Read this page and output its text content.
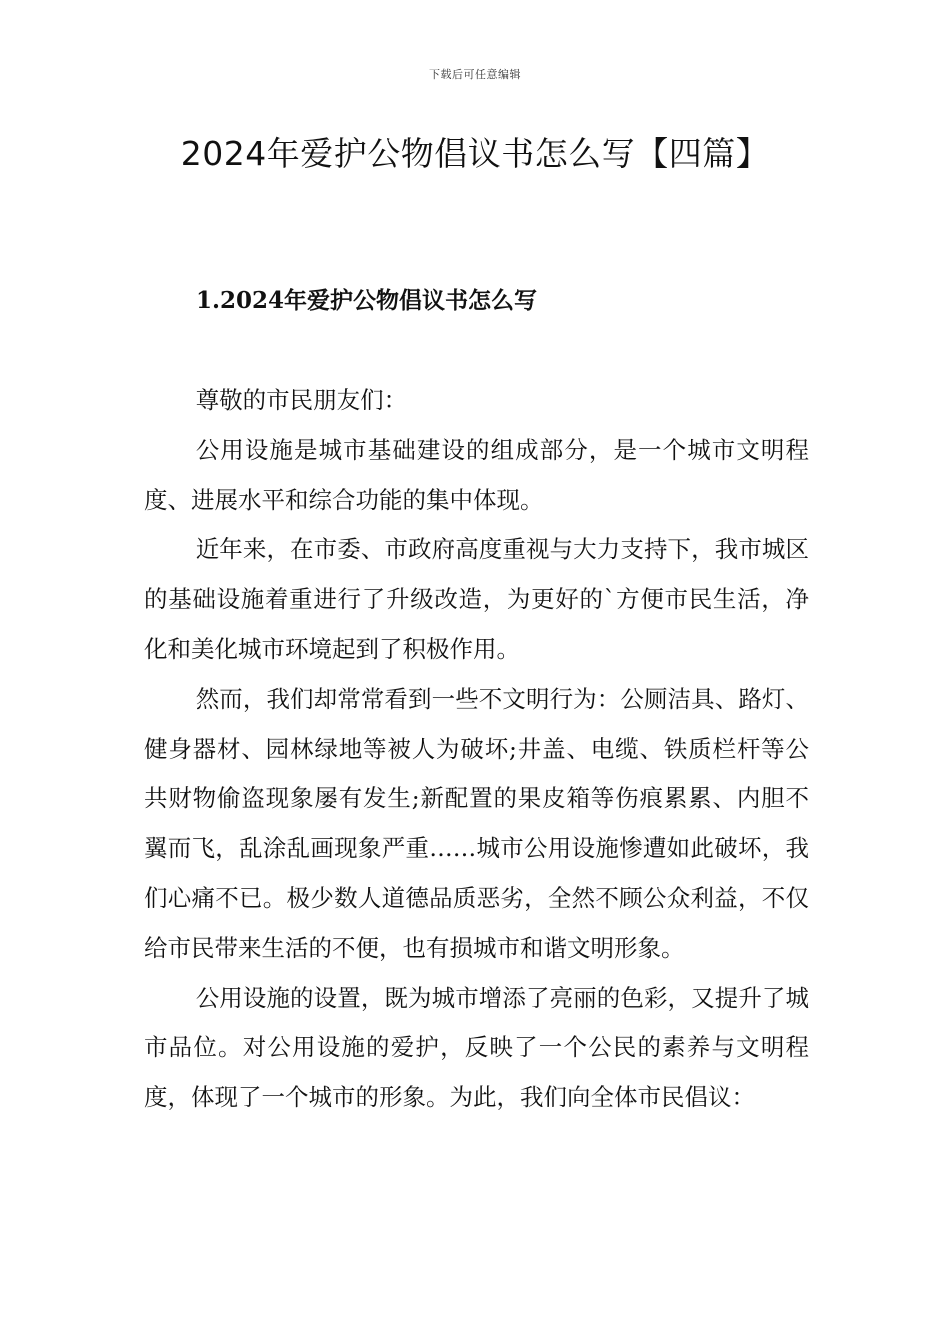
下载后可任意编辑
2024年爱护公物倡议书怎么写【四篇】
1.2024年爱护公物倡议书怎么写

尊敬的市民朋友们：

公用设施是城市基础建设的组成部分，是一个城市文明程度、进展水平和综合功能的集中体现。

近年来，在市委、市政府高度重视与大力支持下，我市城区的基础设施着重进行了升级改造，为更好的`方便市民生活，净化和美化城市环境起到了积极作用。

然而，我们却常常看到一些不文明行为：公厕洁具、路灯、健身器材、园林绿地等被人为破坏;井盖、电缆、铁质栏杆等公共财物偷盗现象屡有发生;新配置的果皮箱等伤痕累累、内胆不翼而飞，乱涂乱画现象严重……城市公用设施惨遭如此破坏，我们心痛不已。极少数人道德品质恶劣，全然不顾公众利益，不仅给市民带来生活的不便，也有损城市和谐文明形象。

公用设施的设置，既为城市增添了亮丽的色彩，又提升了城市品位。对公用设施的爱护，反映了一个公民的素养与文明程度，体现了一个城市的形象。为此，我们向全体市民倡议：
